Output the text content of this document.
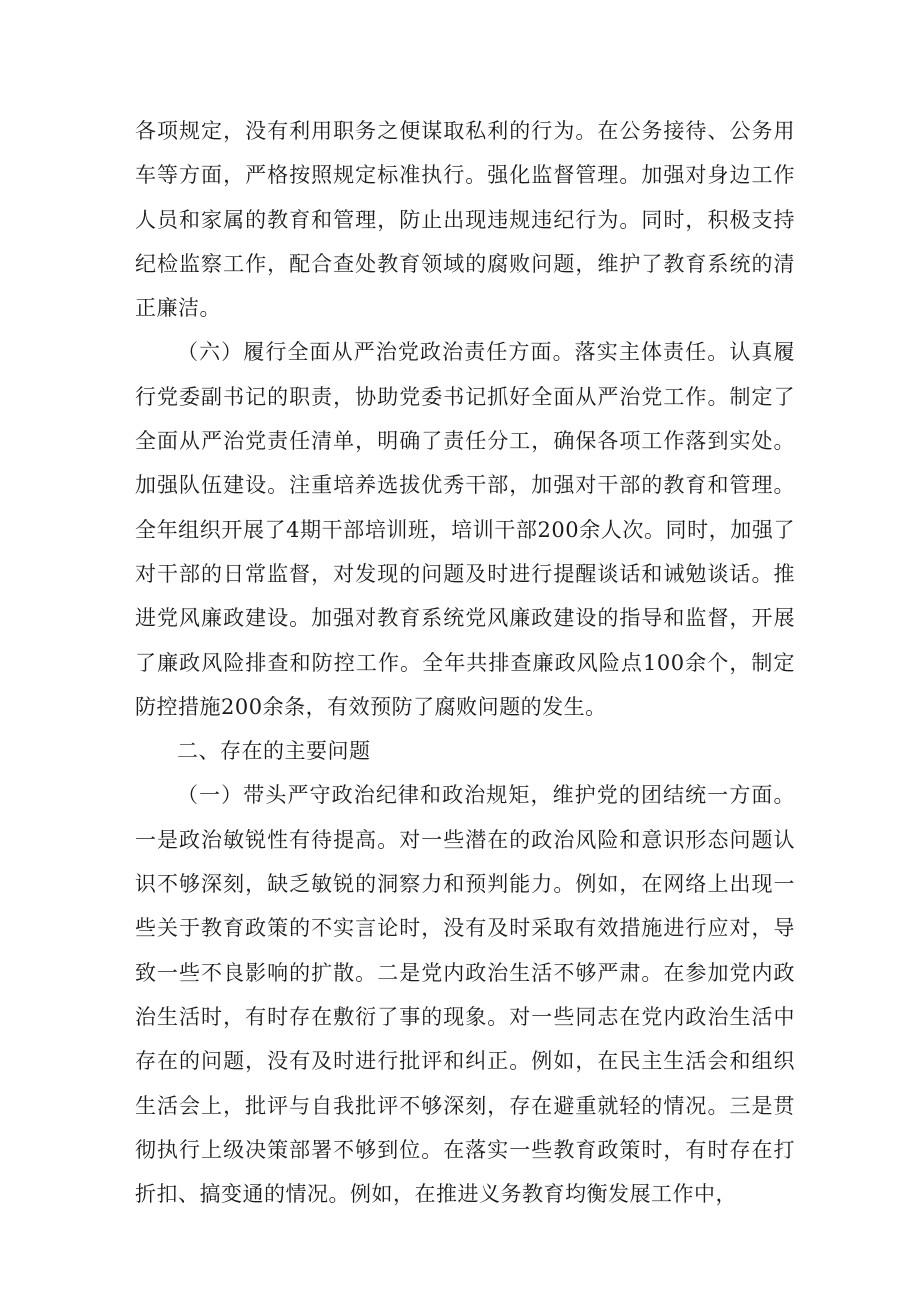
各项规定，没有利用职务之便谋取私利的行为。在公务接待、公务用车等方面，严格按照规定标准执行。强化监督管理。加强对身边工作人员和家属的教育和管理，防止出现违规违纪行为。同时，积极支持纪检监察工作，配合查处教育领域的腐败问题，维护了教育系统的清正廉洁。

（六）履行全面从严治党政治责任方面。落实主体责任。认真履行党委副书记的职责，协助党委书记抓好全面从严治党工作。制定了全面从严治党责任清单，明确了责任分工，确保各项工作落到实处。加强队伍建设。注重培养选拔优秀干部，加强对干部的教育和管理。全年组织开展了4期干部培训班，培训干部200余人次。同时，加强了对干部的日常监督，对发现的问题及时进行提醒谈话和诫勉谈话。推进党风廉政建设。加强对教育系统党风廉政建设的指导和监督，开展了廉政风险排查和防控工作。全年共排查廉政风险点100余个，制定防控措施200余条，有效预防了腐败问题的发生。

二、存在的主要问题

（一）带头严守政治纪律和政治规矩，维护党的团结统一方面。一是政治敏锐性有待提高。对一些潜在的政治风险和意识形态问题认识不够深刻，缺乏敏锐的洞察力和预判能力。例如，在网络上出现一些关于教育政策的不实言论时，没有及时采取有效措施进行应对，导致一些不良影响的扩散。二是党内政治生活不够严肃。在参加党内政治生活时，有时存在敷衍了事的现象。对一些同志在党内政治生活中存在的问题，没有及时进行批评和纠正。例如，在民主生活会和组织生活会上，批评与自我批评不够深刻，存在避重就轻的情况。三是贯彻执行上级决策部署不够到位。在落实一些教育政策时，有时存在打折扣、搞变通的情况。例如，在推进义务教育均衡发展工作中，
